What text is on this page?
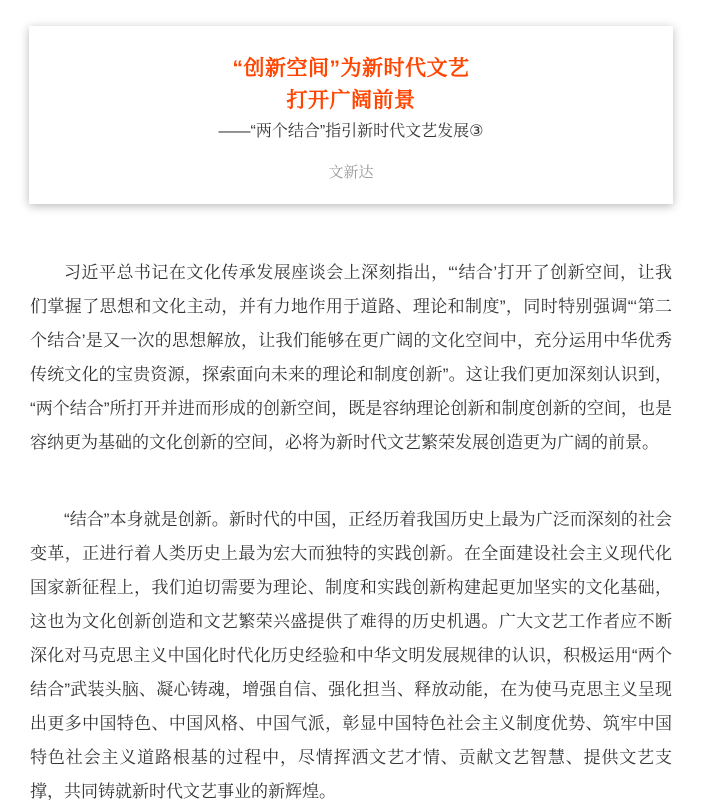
“创新空间”为新时代文艺
打开广阔前景
——“两个结合”指引新时代文艺发展③
文新达

习近平总书记在文化传承发展座谈会上深刻指出，“‘结合’打开了创新空间，让我们掌握了思想和文化主动，并有力地作用于道路、理论和制度”，同时特别强调“‘第二个结合’是又一次的思想解放，让我们能够在更广阔的文化空间中，充分运用中华优秀传统文化的宝贵资源，探索面向未来的理论和制度创新”。这让我们更加深刻认识到，“两个结合”所打开并进而形成的创新空间，既是容纳理论创新和制度创新的空间，也是容纳更为基础的文化创新的空间，必将为新时代文艺繁荣发展创造更为广阔的前景。

“结合”本身就是创新。新时代的中国，正经历着我国历史上最为广泛而深刻的社会变革，正进行着人类历史上最为宏大而独特的实践创新。在全面建设社会主义现代化国家新征程上，我们迫切需要为理论、制度和实践创新构建起更加坚实的文化基础，这也为文化创新创造和文艺繁荣兴盛提供了难得的历史机遇。广大文艺工作者应不断深化对马克思主义中国化时代化历史经验和中华文明发展规律的认识，积极运用“两个结合”武装头脑、凝心铸魂，增强自信、强化担当、释放动能，在为使马克思主义呈现出更多中国特色、中国风格、中国气派，彰显中国特色社会主义制度优势、筑牢中国特色社会主义道路根基的过程中，尽情挥洒文艺才情、贡献文艺智慧、提供文艺支撑，共同铸就新时代文艺事业的新辉煌。
